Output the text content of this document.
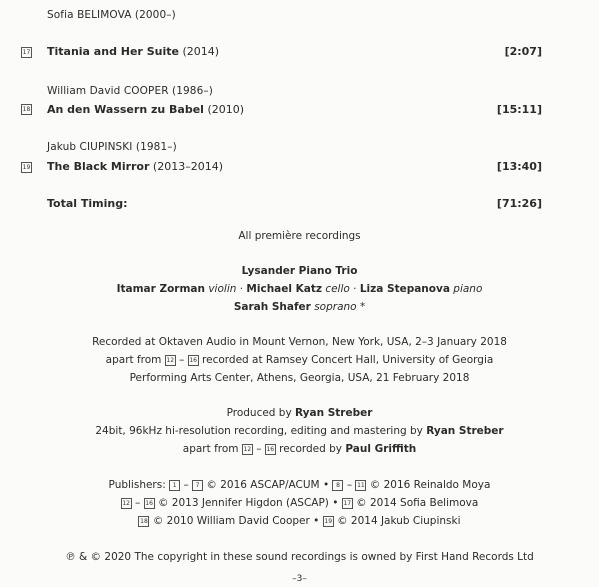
Sofia BELIMOVA (2000–)
17 Titania and Her Suite (2014)	[2:07]
William David COOPER (1986–)
18 An den Wassern zu Babel (2010)	[15:11]
Jakub CIUPINSKI (1981–)
19 The Black Mirror (2013–2014)	[13:40]
Total Timing:	[71:26]
All première recordings
Lysander Piano Trio
Itamar Zorman violin · Michael Katz cello · Liza Stepanova piano
Sarah Shafer soprano *
Recorded at Oktaven Audio in Mount Vernon, New York, USA, 2–3 January 2018
apart from 12 – 16 recorded at Ramsey Concert Hall, University of Georgia
Performing Arts Center, Athens, Georgia, USA, 21 February 2018
Produced by Ryan Streber
24bit, 96kHz hi-resolution recording, editing and mastering by Ryan Streber
apart from 12 – 16 recorded by Paul Griffith
Publishers: 1 – 7 © 2016 ASCAP/ACUM • 8 – 11 © 2016 Reinaldo Moya
12 – 16 © 2013 Jennifer Higdon (ASCAP) • 17 © 2014 Sofia Belimova
18 © 2010 William David Cooper • 19 © 2014 Jakub Ciupinski
℗ & © 2020 The copyright in these sound recordings is owned by First Hand Records Ltd
–3–
